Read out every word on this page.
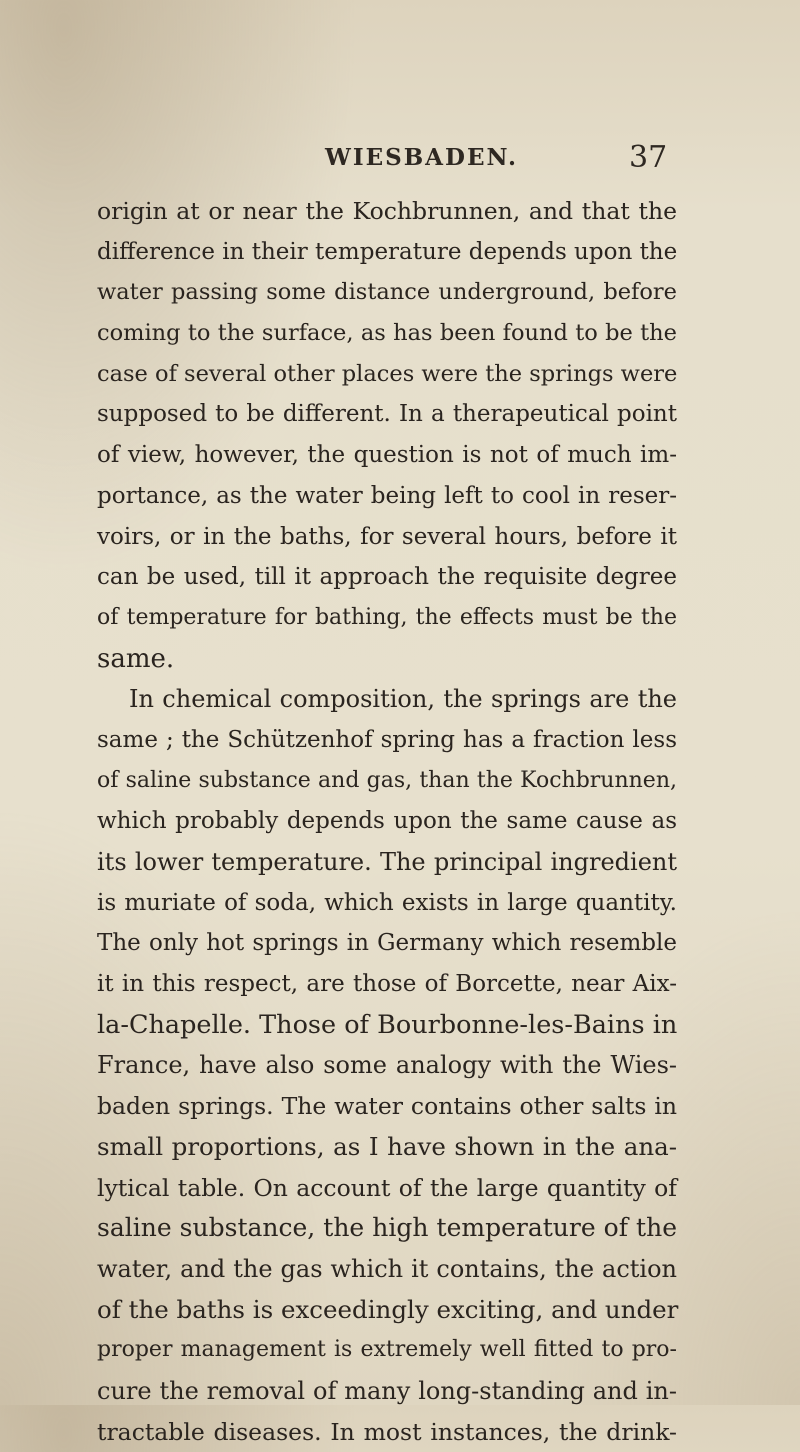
WIESBADEN.	37
origin at or near the Kochbrunnen, and that the
difference in their temperature depends upon the
water passing some distance underground, before
coming to the surface, as has been found to be the
case of several other places were the springs were
supposed to be different. In a therapeutical point
of view, however, the question is not of much im-
portance, as the water being left to cool in reser-
voirs, or in the baths, for several hours, before it
can be used, till it approach the requisite degree
of temperature for bathing, the effects must be the
same.
In chemical composition, the springs are the
same ; the Schützenhof spring has a fraction less
of saline substance and gas, than the Kochbrunnen,
which probably depends upon the same cause as
its lower temperature. The principal ingredient
is muriate of soda, which exists in large quantity.
The only hot springs in Germany which resemble
it in this respect, are those of Borcette, near Aix-
la-Chapelle. Those of Bourbonne-les-Bains in
France, have also some analogy with the Wies-
baden springs. The water contains other salts in
small proportions, as I have shown in the ana-
lytical table. On account of the large quantity of
saline substance, the high temperature of the
water, and the gas which it contains, the action
of the baths is exceedingly exciting, and under
proper management is extremely well fitted to pro-
cure the removal of many long-standing and in-
tractable diseases. In most instances, the drink-
